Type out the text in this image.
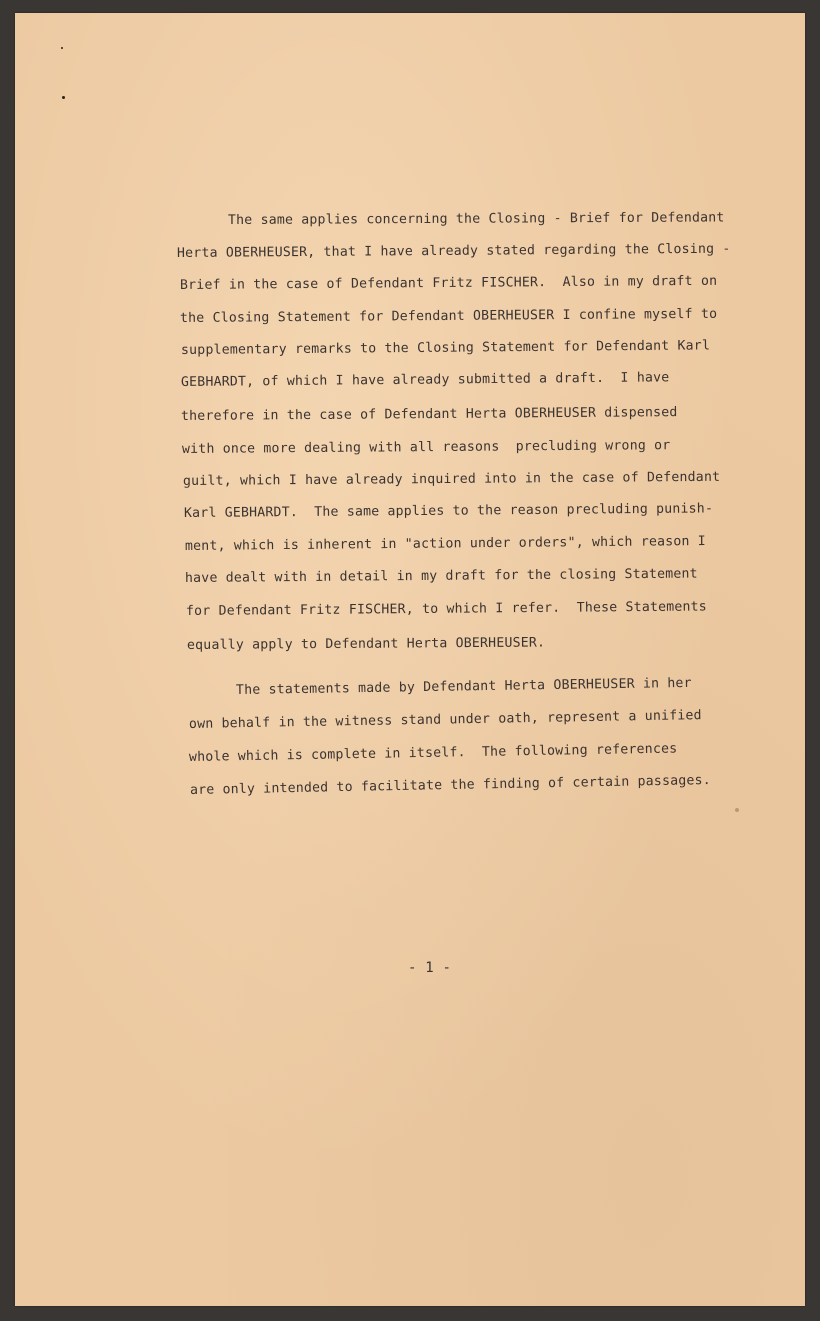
The same applies concerning the Closing - Brief for Defendant
Herta OBERHEUSER, that I have already stated regarding the Closing -
Brief in the case of Defendant Fritz FISCHER.  Also in my draft on
the Closing Statement for Defendant OBERHEUSER I confine myself to
supplementary remarks to the Closing Statement for Defendant Karl
GEBHARDT, of which I have already submitted a draft.  I have
therefore in the case of Defendant Herta OBERHEUSER dispensed
with once more dealing with all reasons  precluding wrong or
guilt, which I have already inquired into in the case of Defendant
Karl GEBHARDT.  The same applies to the reason precluding punish-
ment, which is inherent in "action under orders", which reason I
have dealt with in detail in my draft for the closing Statement
for Defendant Fritz FISCHER, to which I refer.  These Statements
equally apply to Defendant Herta OBERHEUSER.
The statements made by Defendant Herta OBERHEUSER in her
own behalf in the witness stand under oath, represent a unified
whole which is complete in itself.  The following references
are only intended to facilitate the finding of certain passages.
- 1 -
